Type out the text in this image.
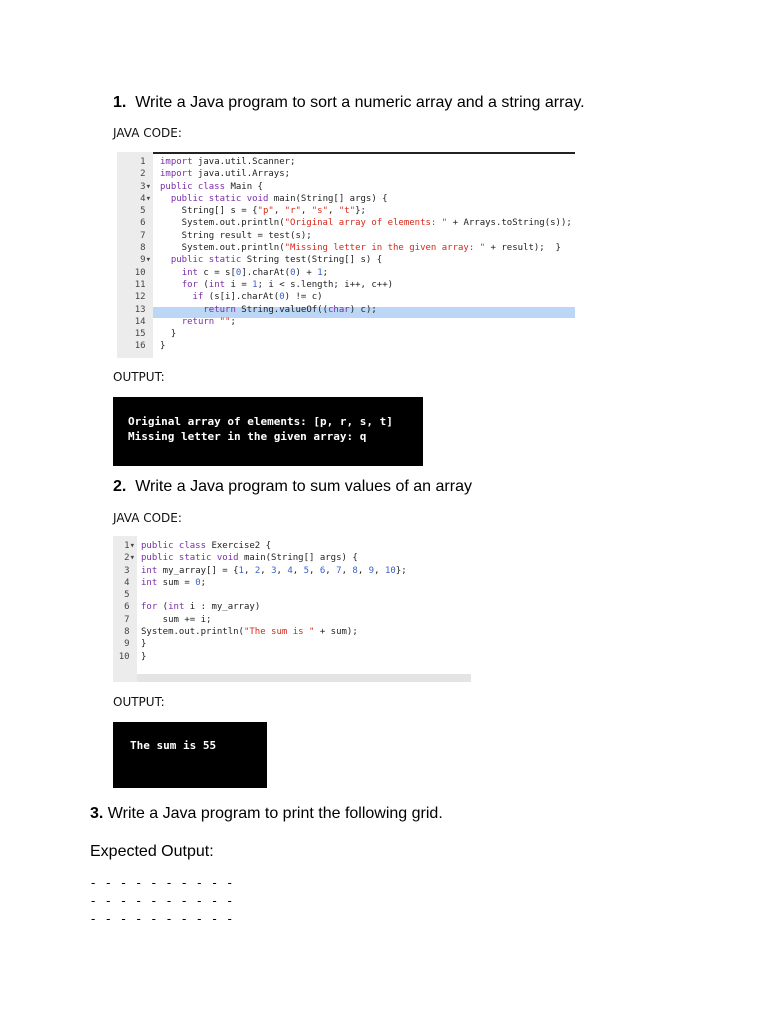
1. Write a Java program to sort a numeric array and a string array.
JAVA CODE:
1 import java.util.Scanner;
2 import java.util.Arrays;
3▾ public class Main {
4▾	public static void main(String[] args) {
5 String[] s = {"p", "r", "s", "t"};
6 System.out.println("Original array of elements: " + Arrays.toString(s));
7 String result = test(s);
8 System.out.println("Missing letter in the given array: " + result);  }
9▾	public static String test(String[] s) {
10	int c = s[0].charAt(0) + 1;
11	for (int i = 1; i < s.length; i++, c++)
12	if (s[i].charAt(0) != c)
13	return String.valueOf((char) c);
14	return "";
15 }
16 }
OUTPUT:
Original array of elements: [p, r, s, t]
Missing letter in the given array: q
2. Write a Java program to sum values of an array
JAVA CODE:
1▾ public class Exercise2 {
2▾ public static void main(String[] args) {
3 int my_array[] = {1, 2, 3, 4, 5, 6, 7, 8, 9, 10};
4 int sum = 0;
5
6 for (int i : my_array)
7 sum += i;
8 System.out.println("The sum is " + sum);
9 }
10 }
OUTPUT:
The sum is 55
3. Write a Java program to print the following grid.
Expected Output:
-   -   -   -   -   -   -   -   -   -
-   -   -   -   -   -   -   -   -   -
-   -   -   -   -   -   -   -   -   -
